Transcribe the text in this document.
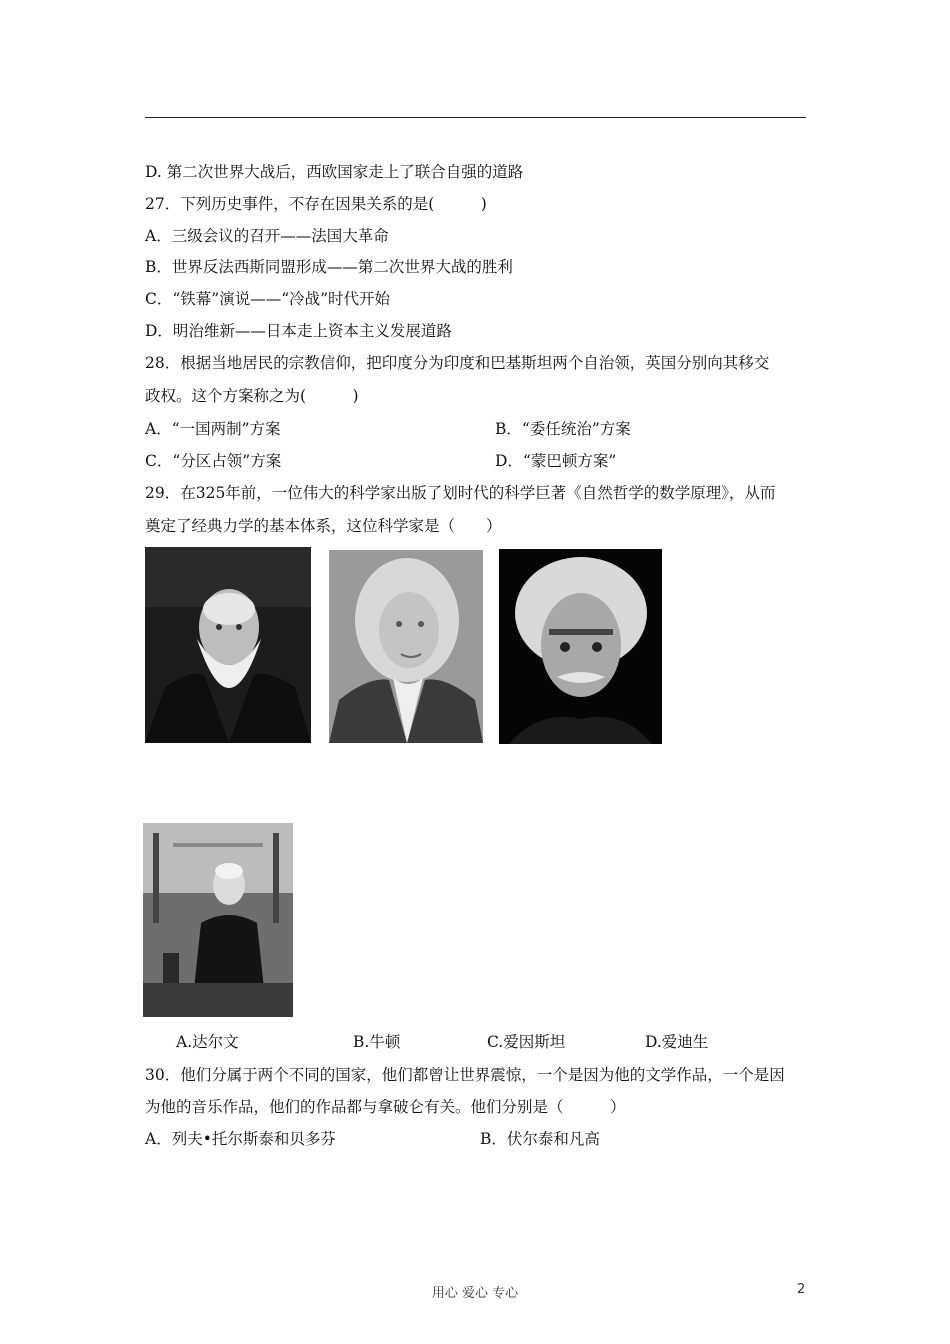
D. 第二次世界大战后，西欧国家走上了联合自强的道路
27．下列历史事件，不存在因果关系的是(　　　)
A．三级会议的召开——法国大革命
B．世界反法西斯同盟形成——第二次世界大战的胜利
C．“铁幕”演说——“冷战”时代开始
D．明治维新——日本走上资本主义发展道路
28．根据当地居民的宗教信仰，把印度分为印度和巴基斯坦两个自治领，英国分别向其移交
政权。这个方案称之为(　　　)
A．“一国两制”方案	B．“委任统治”方案
C．“分区占领”方案	D．“蒙巴顿方案”
29．在325年前，一位伟大的科学家出版了划时代的科学巨著《自然哲学的数学原理》，从而
奠定了经典力学的基本体系，这位科学家是（　　）
A.达尔文	B.牛顿	C.爱因斯坦	D.爱迪生
30．他们分属于两个不同的国家，他们都曾让世界震惊，一个是因为他的文学作品，一个是因
为他的音乐作品，他们的作品都与拿破仑有关。他们分别是（　　　）
A．列夫•托尔斯泰和贝多芬	B．伏尔泰和凡高
用心 爱心 专心	2
